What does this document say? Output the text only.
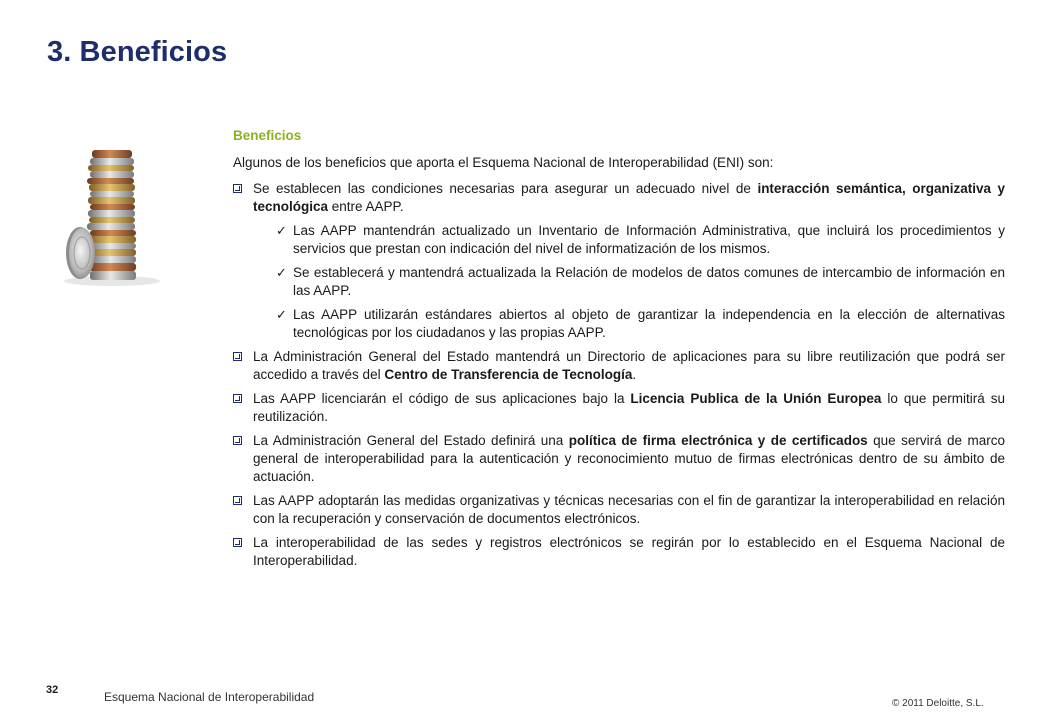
3. Beneficios

Beneficios

Algunos de los beneficios que aporta el Esquema Nacional de Interoperabilidad (ENI) son:

Se establecen las condiciones necesarias para asegurar un adecuado nivel de interacción semántica, organizativa y tecnológica entre AAPP.

✓ Las AAPP mantendrán actualizado un Inventario de Información Administrativa, que incluirá los procedimientos y servicios que prestan con indicación del nivel de informatización de los mismos.

✓ Se establecerá y mantendrá actualizada la Relación de modelos de datos comunes de intercambio de información en las AAPP.

✓ Las AAPP utilizarán estándares abiertos al objeto de garantizar la independencia en la elección de alternativas tecnológicas por los ciudadanos y las propias AAPP.

La Administración General del Estado mantendrá un Directorio de aplicaciones para su libre reutilización que podrá ser accedido a través del Centro de Transferencia de Tecnología.

Las AAPP licenciarán el código de sus aplicaciones bajo la Licencia Publica de la Unión Europea lo que permitirá su reutilización.

La Administración General del Estado definirá una política de firma electrónica y de certificados que servirá de marco general de interoperabilidad para la autenticación y reconocimiento mutuo de firmas electrónicas dentro de su ámbito de actuación.

Las AAPP adoptarán las medidas organizativas y técnicas necesarias con el fin de garantizar la interoperabilidad en relación con la recuperación y conservación de documentos electrónicos.

La interoperabilidad de las sedes y registros electrónicos se regirán por lo establecido en el Esquema Nacional de Interoperabilidad.

32	Esquema Nacional de Interoperabilidad	© 2011 Deloitte, S.L.
